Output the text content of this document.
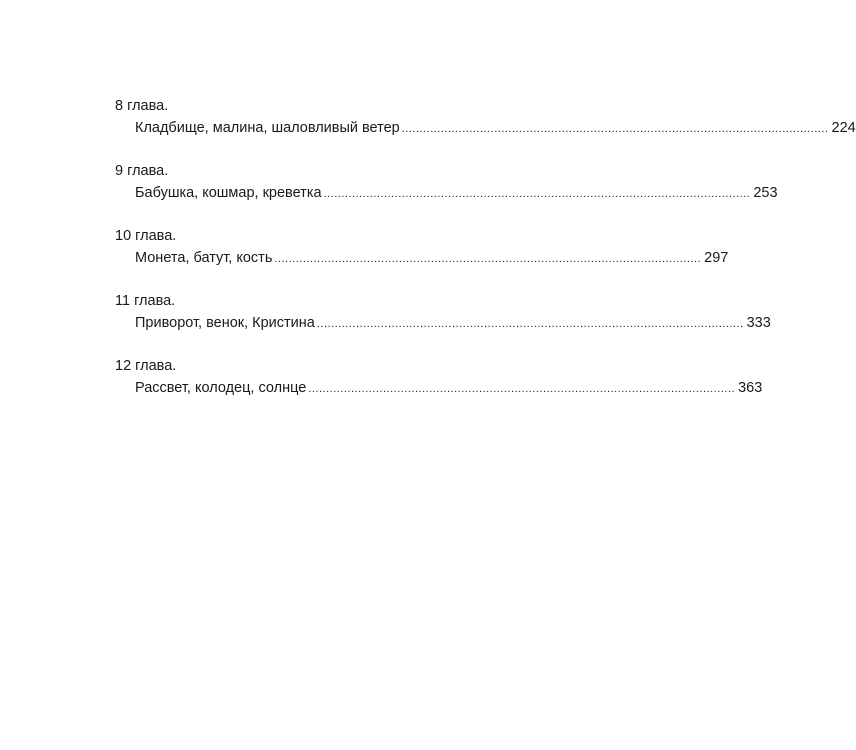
8 глава.
Кладбище, малина, шаловливый ветер ........................................................................................................................ 224
9 глава.
Бабушка, кошмар, креветка ........................................................................................................................ 253
10 глава.
Монета, батут, кость ........................................................................................................................ 297
11 глава.
Приворот, венок, Кристина ........................................................................................................................ 333
12 глава.
Рассвет, колодец, солнце ........................................................................................................................ 363
